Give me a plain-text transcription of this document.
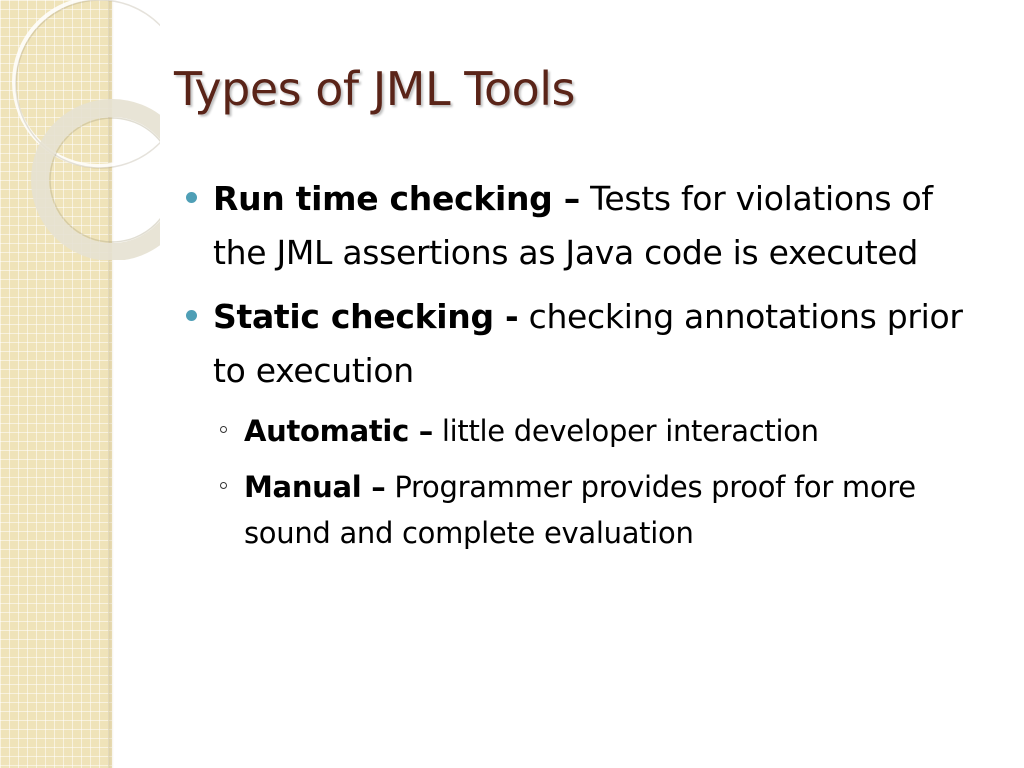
Types of JML Tools
Run time checking – Tests for violations of the JML assertions as Java code is executed
Static checking - checking annotations prior to execution
Automatic – little developer interaction
Manual – Programmer provides proof for more sound and complete evaluation
